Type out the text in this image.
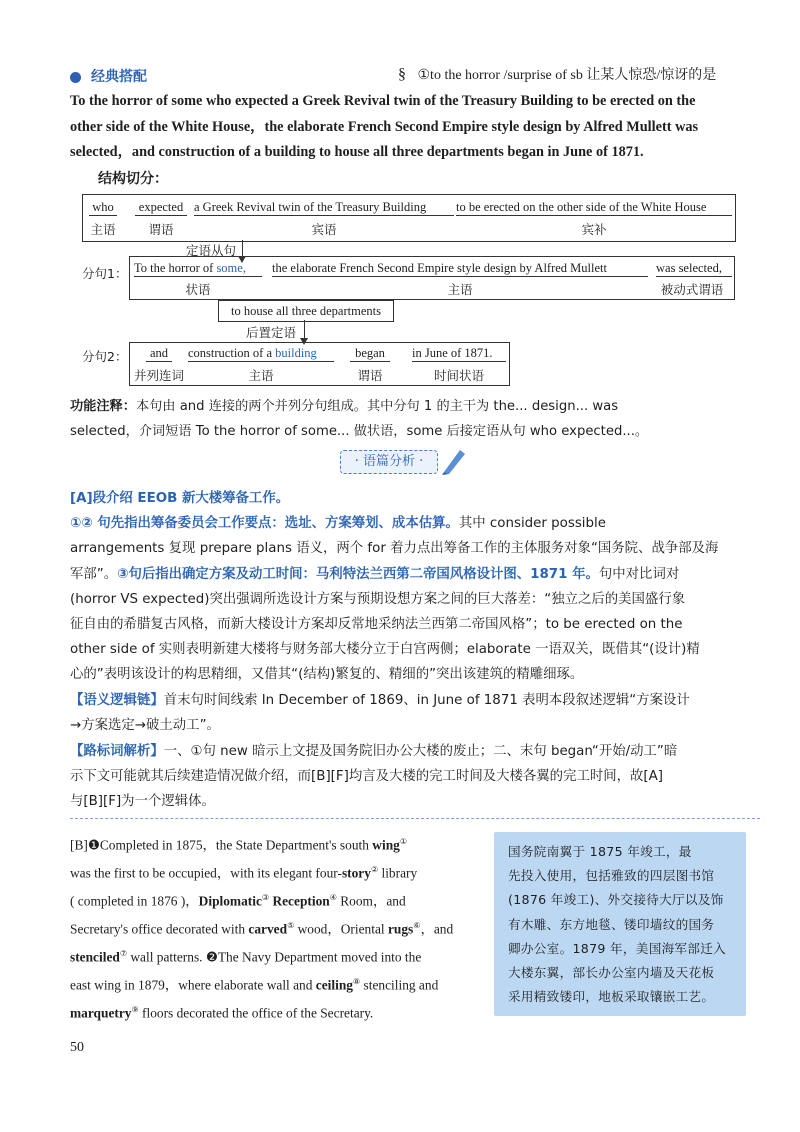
经典搭配	§ ①to the horror /surprise of sb 让某人惊恐/惊讶的是
To the horror of some who expected a Greek Revival twin of the Treasury Building to be erected on the
other side of the White House，the elaborate French Second Empire style design by Alfred Mullett was
selected，and construction of a building to house all three departments began in June of 1871.
结构切分：
who
主语
expected
谓语
a Greek Revival twin of the Treasury Building
宾语
to be erected on the other side of the White House
宾补
定语从句
分句1： To the horror of some,
状语
the elaborate French Second Empire style design by Alfred Mullett
主语
was selected,
被动式谓语
to house all three departments
后置定语
分句2：	and
并列连词
construction of a building
主语
began
谓语
in June of 1871.
时间状语
功能注释：本句由 and 连接的两个并列分句组成。其中分句 1 的主干为 the... design... was
selected，介词短语 To the horror of some... 做状语，some 后接定语从句 who expected...。
· 语篇分析 ·
[A]段介绍 EEOB 新大楼筹备工作。
①② 句先指出筹备委员会工作要点：选址、方案筹划、成本估算。其中 consider possible
arrangements 复现 prepare plans 语义，两个 for 着力点出筹备工作的主体服务对象“国务院、战争部及海
军部”。③句后指出确定方案及动工时间：马利特法兰西第二帝国风格设计图、1871 年。句中对比词对
(horror VS expected)突出强调所选设计方案与预期设想方案之间的巨大落差：“独立之后的美国盛行象
征自由的希腊复古风格，而新大楼设计方案却反常地采纳法兰西第二帝国风格”；to be erected on the
other side of 实则表明新建大楼将与财务部大楼分立于白宫两侧；elaborate 一语双关，既借其“(设计)精
心的”表明该设计的构思精细，又借其“(结构)繁复的、精细的”突出该建筑的精雕细琢。
【语义逻辑链】首末句时间线索 In December of 1869、in June of 1871 表明本段叙述逻辑“方案设计
→方案选定→破土动工”。
【路标词解析】一、①句 new 暗示上文提及国务院旧办公大楼的废止；二、末句 began“开始/动工”暗
示下文可能就其后续建造情况做介绍，而[B][F]均言及大楼的完工时间及大楼各翼的完工时间，故[A]
与[B][F]为一个逻辑体。
[B]❶Completed in 1875，the State Department's south wing①
was the first to be occupied，with its elegant four-story② library
( completed in 1876 )，Diplomatic③ Reception④ Room，and
Secretary's office decorated with carved⑤ wood，Oriental rugs⑥，and
stenciled⑦ wall patterns. ❷The Navy Department moved into the
east wing in 1879，where elaborate wall and ceiling⑧ stenciling and
marquetry⑨ floors decorated the office of the Secretary.
国务院南翼于 1875 年竣工，最
先投入使用，包括雅致的四层图书馆
(1876 年竣工)、外交接待大厅以及饰
有木雕、东方地毯、镂印墙纹的国务
卿办公室。1879 年，美国海军部迁入
大楼东翼，部长办公室内墙及天花板
采用精致镂印，地板采取镶嵌工艺。
50
